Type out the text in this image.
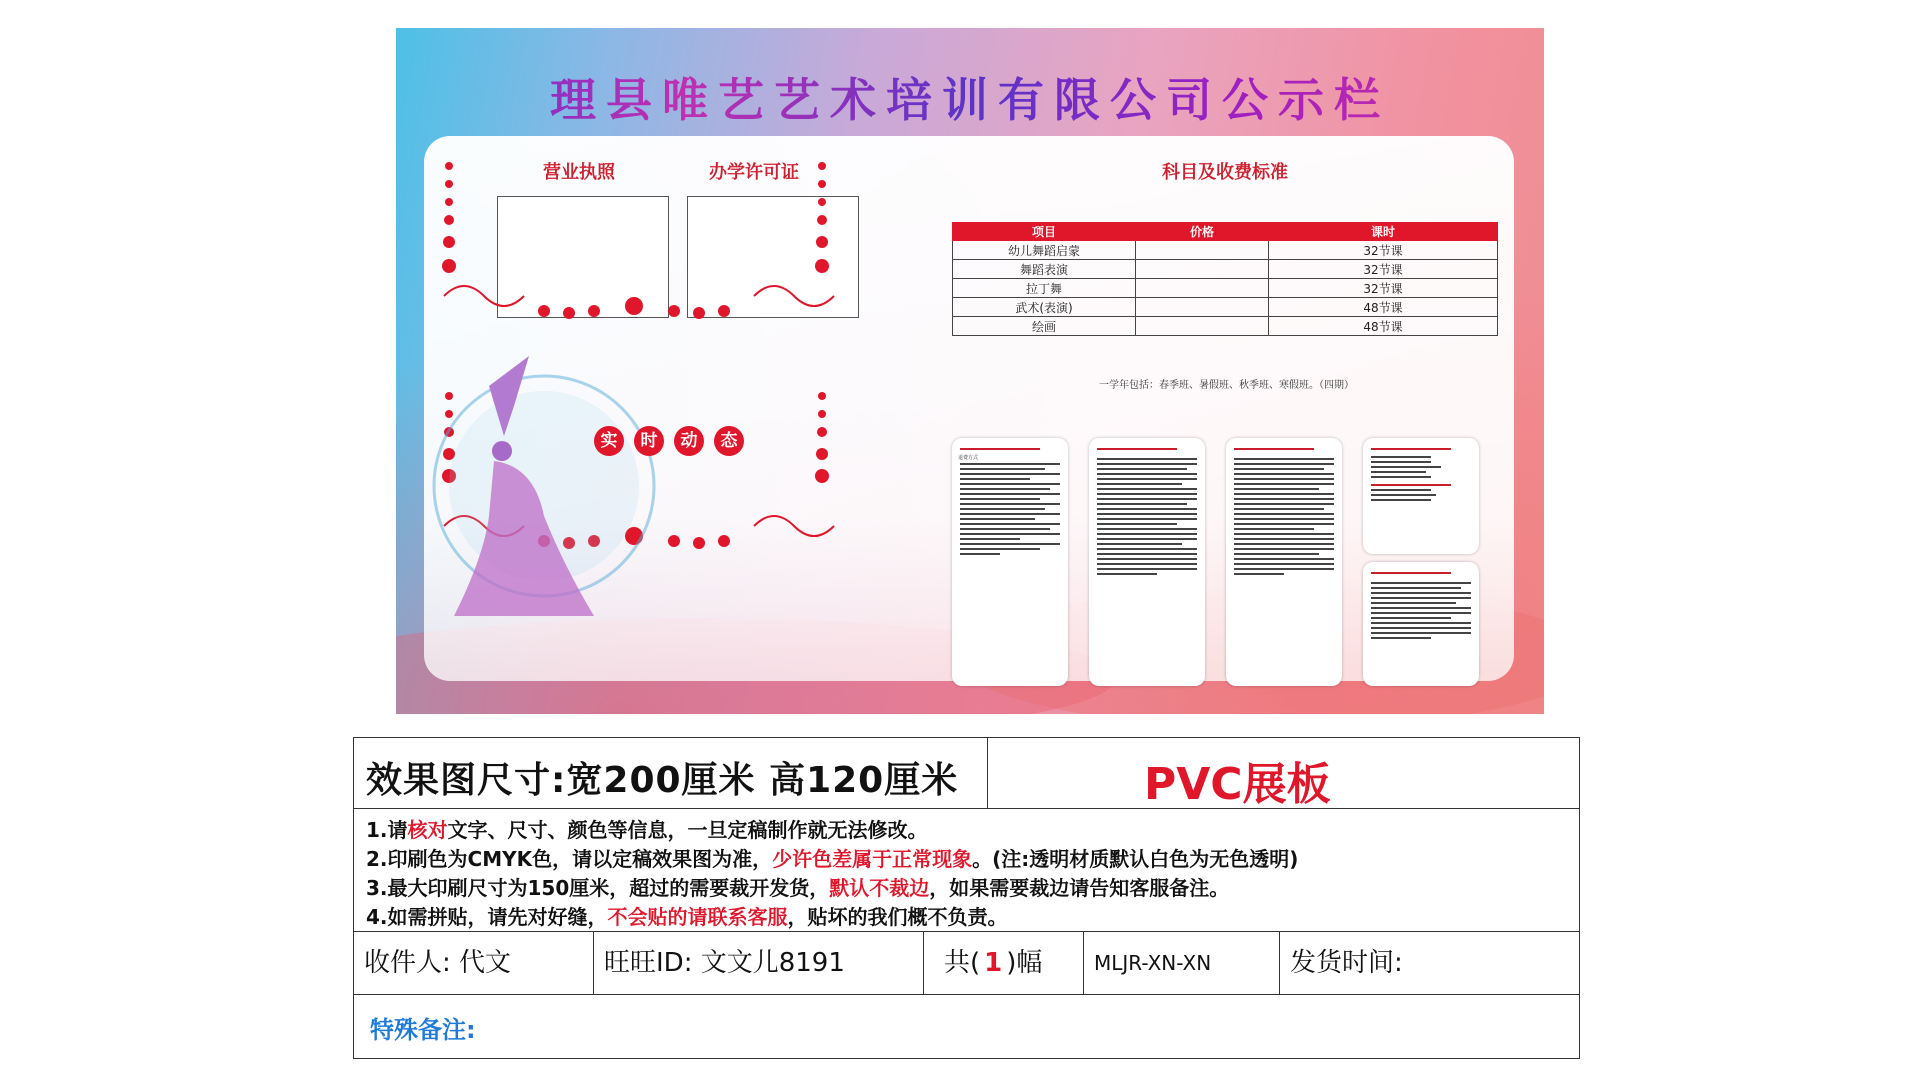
理县唯艺艺术培训有限公司公示栏
营业执照	办学许可证
实	时	动	态
科目及收费标准
项目	价格	课时
幼儿舞蹈启蒙		32节课
舞蹈表演		32节课
拉丁舞		32节课
武术(表演)		48节课
绘画		48节课
一学年包括：春季班、暑假班、秋季班、寒假班。（四期）

退费方式

效果图尺寸:宽200厘米 高120厘米	PVC展板

1.请核对文字、尺寸、颜色等信息，一旦定稿制作就无法修改。

2.印刷色为CMYK色，请以定稿效果图为准，少许色差属于正常现象。(注:透明材质默认白色为无色透明)

3.最大印刷尺寸为150厘米，超过的需要裁开发货，默认不裁边，如果需要裁边请告知客服备注。

4.如需拼贴，请先对好缝，不会贴的请联系客服，贴坏的我们概不负责。

收件人: 代文	旺旺ID: 文文儿8191	共( 1 )幅	MLJR-XN-XN	发货时间:
特殊备注:
